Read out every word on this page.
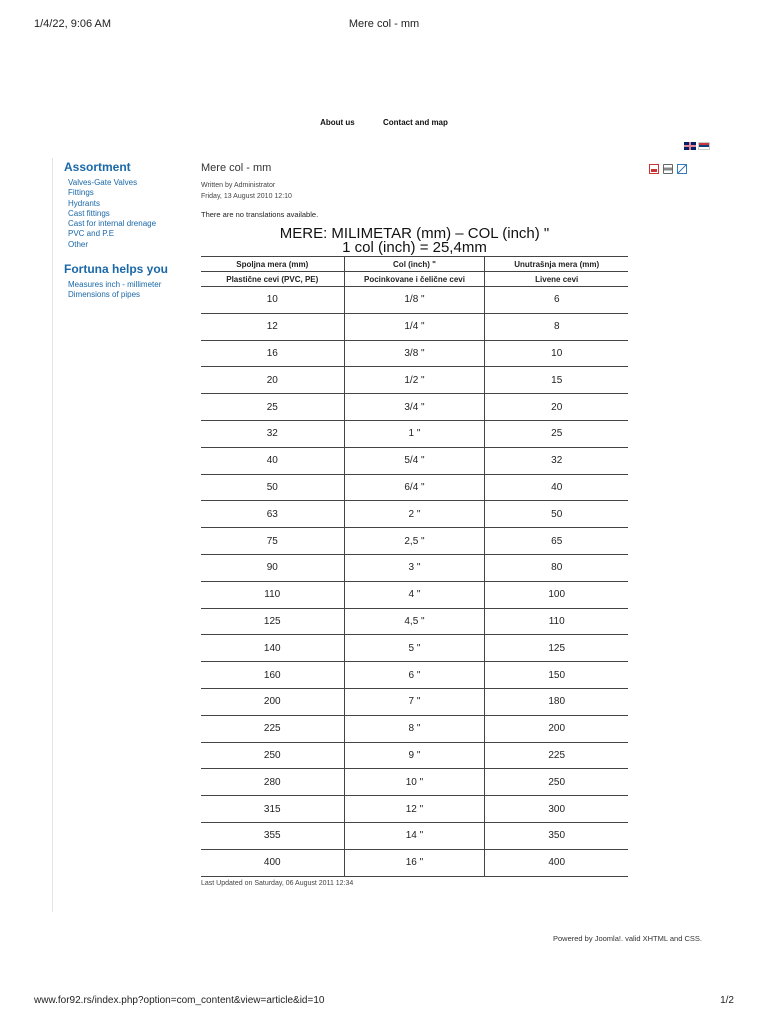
1/4/22, 9:06 AM	Mere col - mm
About us	Contact and map
Assortment
Valves-Gate Valves
Fittings
Hydrants
Cast fittings
Cast for internal drenage
PVC and P.E
Other
Fortuna helps you
Measures inch - millimeter
Dimensions of pipes
Mere col - mm
Written by Administrator
Friday, 13 August 2010 12:10
There are no translations available.
MERE: MILIMETAR (mm) – COL (inch) "
1 col (inch) = 25,4mm
Spoljna mera (mm)	Col (inch) "	Unutrašnja mera (mm)
Plastične cevi (PVC, PE)	Pocinkovane i čelične cevi	Livene cevi
10	1/8 "	6
12	1/4 "	8
16	3/8 "	10
20	1/2 "	15
25	3/4 "	20
32	1 "	25
40	5/4 "	32
50	6/4 "	40
63	2 "	50
75	2,5 "	65
90	3 "	80
110	4 "	100
125	4,5 "	110
140	5 "	125
160	6 "	150
200	7 "	180
225	8 "	200
250	9 "	225
280	10 "	250
315	12 "	300
355	14 "	350
400	16 "	400
Last Updated on Saturday, 06 August 2011 12:34
Powered by Joomla!. valid XHTML and CSS.
www.for92.rs/index.php?option=com_content&view=article&id=10	1/2
